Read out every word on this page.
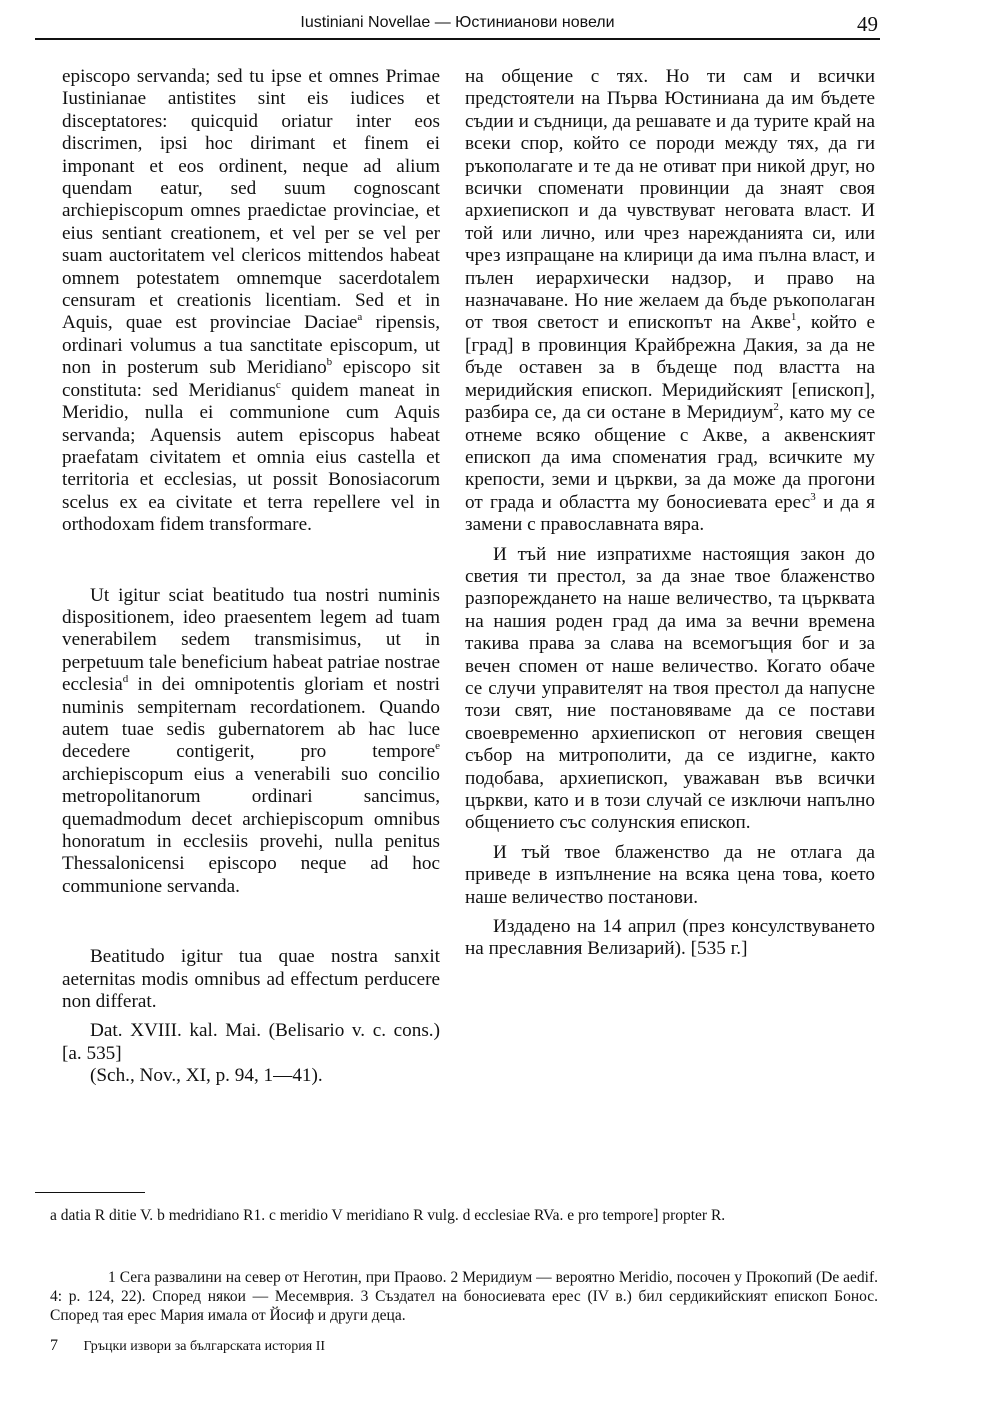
Iustiniani Novellae — Юстинианови новели	49

episcopo servanda; sed tu ipse et omnes Primae Iustinianae antistites sint eis iudices et disceptatores: quicquid oriatur inter eos discrimen, ipsi hoc dirimant et finem ei imponant et eos ordinent, neque ad alium quendam eatur, sed suum cognoscant archiepiscopum omnes praedictae provinciae, et eius sentiant creationem, et vel per se vel per suam auctoritatem vel clericos mittendos habeat omnem potestatem omnemque sacerdotalem censuram et creationis licentiam. Sed et in Aquis, quae est provinciae Daciae$^a$ ripensis, ordinari volumus a tua sanctitate episcopum, ut non in posterum sub Meridiano$^b$ episcopo sit constituta: sed Meridianus$^c$ quidem maneat in Meridio, nulla ei communione cum Aquis servanda; Aquensis autem episcopus habeat praefatam civitatem et omnia eius castella et territoria et ecclesias, ut possit Bonosiacorum scelus ex ea civitate et terra repellere vel in orthodoxam fidem transformare.

Ut igitur sciat beatitudo tua nostri numinis dispositionem, ideo praesentem legem ad tuam venerabilem sedem transmisimus, ut in perpetuum tale beneficium habeat patriae nostrae ecclesia$^d$ in dei omnipotentis gloriam et nostri numinis sempiternam recordationem. Quando autem tuae sedis gubernatorem ab hac luce decedere contigerit, pro tempore$^e$ archiepiscopum eius a venerabili suo concilio metropolitanorum ordinari sancimus, quemadmodum decet archiepiscopum omnibus honoratum in ecclesiis provehi, nulla penitus Thessalonicensi episcopo neque ad hoc communione servanda.

Beatitudo igitur tua quae nostra sanxit aeternitas modis omnibus ad effectum perducere non differat.

Dat. XVIII. kal. Mai. (Belisario v. c. cons.) [a. 535]

(Sch., Nov., XI, p. 94, 1—41).

на общение с тях. Но ти сам и всички предстоятели на Първа Юстиниана да им бъдете съдии и съдници, да решавате и да турите край на всеки спор, който се породи между тях, да ги ръкополагате и те да не отиват при никой друг, но всички споменати провинции да знаят своя архиепископ и да чувствуват неговата власт. И той или лично, или чрез нарежданията си, или чрез изпращане на клирици да има пълна власт, и пълен иерархически надзор, и право на назначаване. Но ние желаем да бъде ръкополаган от твоя светост и епископът на Акве$^1$, който е [град] в провинция Крайбрежна Дакия, за да не бъде оставен за в бъдеще под властта на меридийския епископ. Меридийският [епископ], разбира се, да си остане в Меридиум$^2$, като му се отнеме всяко общение с Акве, а аквенският епископ да има споменатия град, всичките му крепости, земи и църкви, за да може да прогони от града и областта му боносиевата ерес$^3$ и да я замени с православната вяра.

И тъй ние изпратихме настоящия закон до светия ти престол, за да знае твое блаженство разпореждането на наше величество, та църквата на нашия роден град да има за вечни времена такива права за слава на всемогъщия бог и за вечен спомен от наше величество. Когато обаче се случи управителят на твоя престол да напусне този свят, ние постановяваме да се постави своевременно архиепископ от неговия свещен събор на митрополити, да се издигне, както подобава, архиепископ, уважаван във всички църкви, като и в този случай се изключи напълно общението със солунския епископ.

И тъй твое блаженство да не отлага да приведе в изпълнение на всяка цена това, което наше величество постанови.

Издадено на 14 април (през консулствуването на преславния Велизарий). [535 г.]

a datia R ditie V. b medridiano R1. c meridio V meridiano R vulg. d ecclesiae RVa. e pro tempore] propter R.
1 Сега развалини на север от Неготин, при Праово. 2 Меридиум — вероятно Meridio, посочен у Прокопий (De aedif. 4: p. 124, 22). Според някои — Месемврия. 3 Създател на боносиевата ерес (IV в.) бил сердикийският епископ Бонос. Според тая ерес Мария имала от Йосиф и други деца.
7 Гръцки извори за българската история II
